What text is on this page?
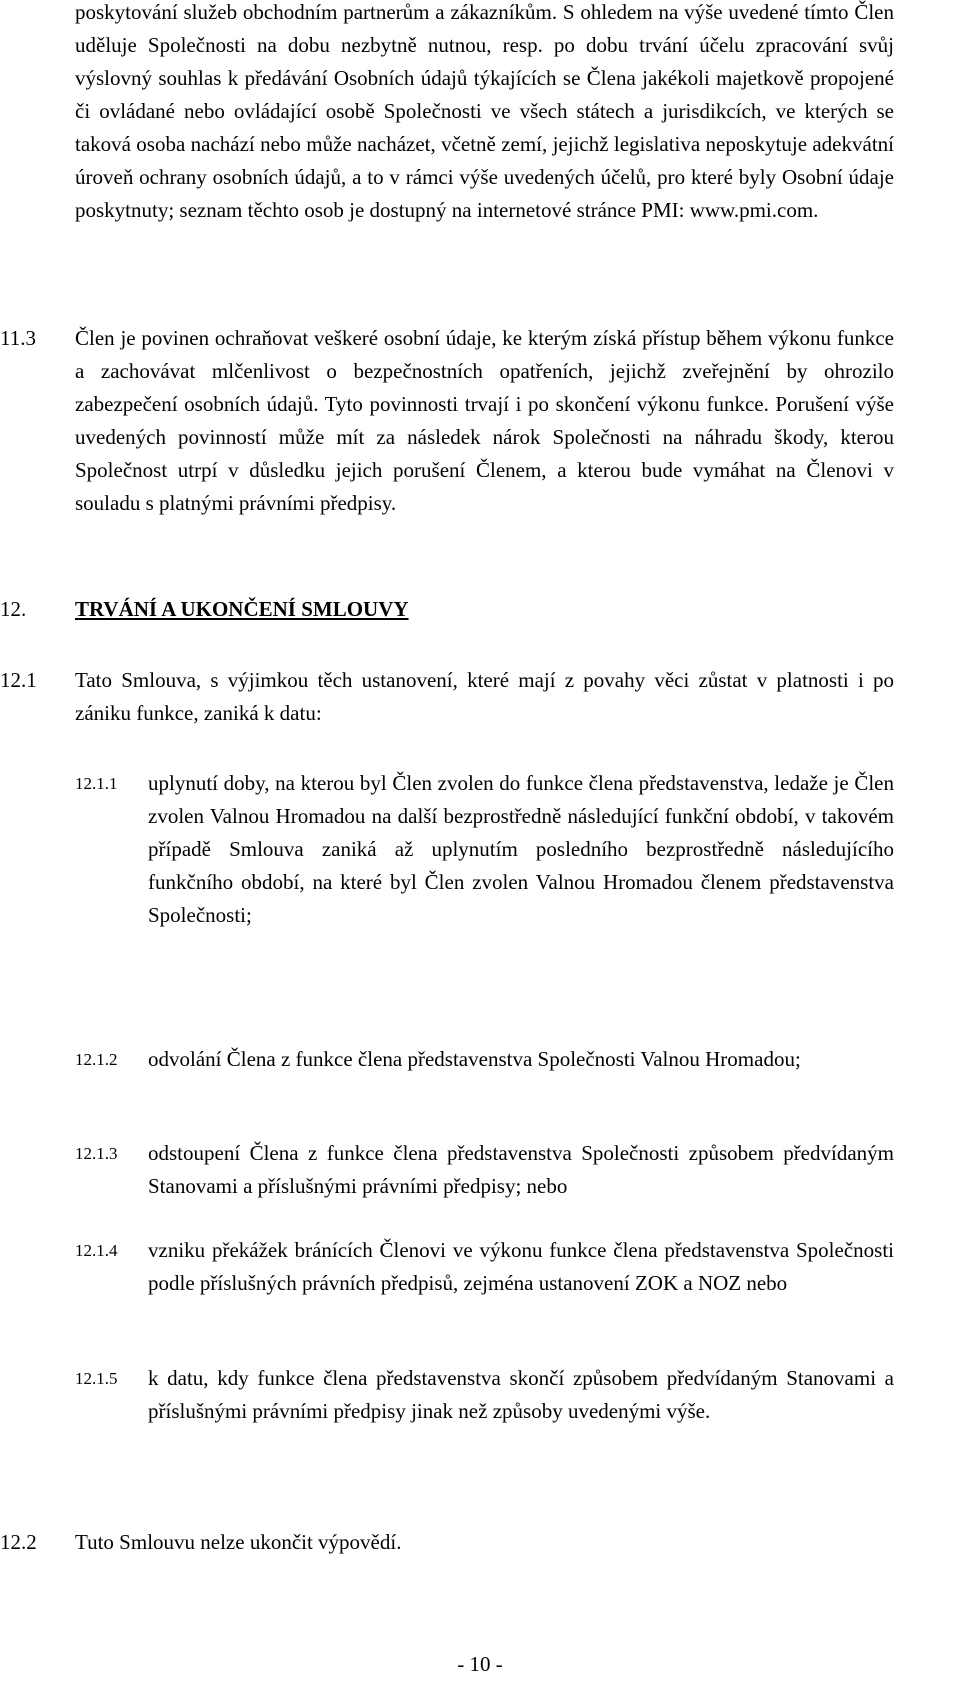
poskytování služeb obchodním partnerům a zákazníkům. S ohledem na výše uvedené tímto Člen uděluje Společnosti na dobu nezbytně nutnou, resp. po dobu trvání účelu zpracování svůj výslovný souhlas k předávání Osobních údajů týkajících se Člena jakékoli majetkově propojené či ovládané nebo ovládající osobě Společnosti ve všech státech a jurisdikcích, ve kterých se taková osoba nachází nebo může nacházet, včetně zemí, jejichž legislativa neposkytuje adekvátní úroveň ochrany osobních údajů, a to v rámci výše uvedených účelů, pro které byly Osobní údaje poskytnuty; seznam těchto osob je dostupný na internetové stránce PMI: www.pmi.com.

11.3 Člen je povinen ochraňovat veškeré osobní údaje, ke kterým získá přístup během výkonu funkce a zachovávat mlčenlivost o bezpečnostních opatřeních, jejichž zveřejnění by ohrozilo zabezpečení osobních údajů. Tyto povinnosti trvají i po skončení výkonu funkce. Porušení výše uvedených povinností může mít za následek nárok Společnosti na náhradu škody, kterou Společnost utrpí v důsledku jejich porušení Členem, a kterou bude vymáhat na Členovi v souladu s platnými právními předpisy.

12. TRVÁNÍ A UKONČENÍ SMLOUVY

12.1 Tato Smlouva, s výjimkou těch ustanovení, které mají z povahy věci zůstat v platnosti i po zániku funkce, zaniká k datu:

12.1.1 uplynutí doby, na kterou byl Člen zvolen do funkce člena představenstva, ledaže je Člen zvolen Valnou Hromadou na další bezprostředně následující funkční období, v takovém případě Smlouva zaniká až uplynutím posledního bezprostředně následujícího funkčního období, na které byl Člen zvolen Valnou Hromadou členem představenstva Společnosti;

12.1.2 odvolání Člena z funkce člena představenstva Společnosti Valnou Hromadou;

12.1.3 odstoupení Člena z funkce člena představenstva Společnosti způsobem předvídaným Stanovami a příslušnými právními předpisy; nebo

12.1.4 vzniku překážek bránících Členovi ve výkonu funkce člena představenstva Společnosti podle příslušných právních předpisů, zejména ustanovení ZOK a NOZ nebo

12.1.5 k datu, kdy funkce člena představenstva skončí způsobem předvídaným Stanovami a příslušnými právními předpisy jinak než způsoby uvedenými výše.

12.2 Tuto Smlouvu nelze ukončit výpovědí.

- 10 -
